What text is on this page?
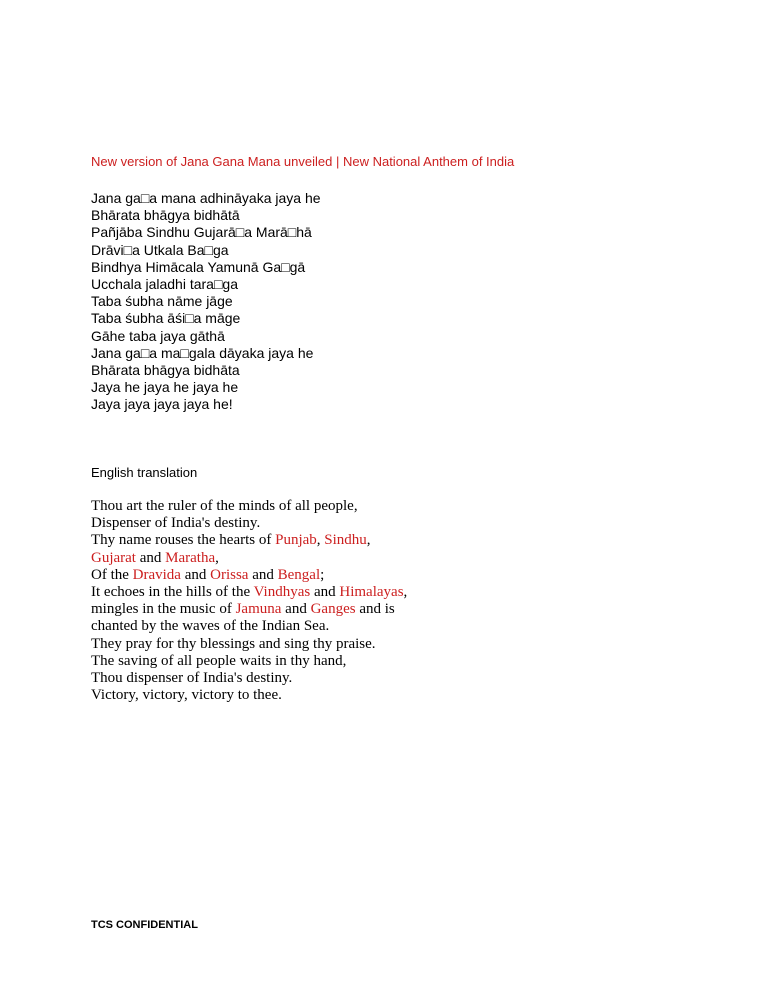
New version of Jana Gana Mana unveiled | New National Anthem of India
Jana ga□a mana adhināyaka jaya he
Bhārata bhāgya bidhātā
Pañjāba Sindhu Gujarā□a Marā□hā
Drāvi□a Utkala Ba□ga
Bindhya Himācala Yamunā Ga□gā
Ucchala jaladhi tara□ga
Taba śubha nāme jāge
Taba śubha āśi□a māge
Gāhe taba jaya gāthā
Jana ga□a ma□gala dāyaka jaya he
Bhārata bhāgya bidhāta
Jaya he jaya he jaya he
Jaya jaya jaya jaya he!
English translation
Thou art the ruler of the minds of all people,
Dispenser of India's destiny.
Thy name rouses the hearts of Punjab, Sindhu,
Gujarat and Maratha,
Of the Dravida and Orissa and Bengal;
It echoes in the hills of the Vindhyas and Himalayas,
mingles in the music of Jamuna and Ganges and is
chanted by the waves of the Indian Sea.
They pray for thy blessings and sing thy praise.
The saving of all people waits in thy hand,
Thou dispenser of India's destiny.
Victory, victory, victory to thee.
TCS CONFIDENTIAL
